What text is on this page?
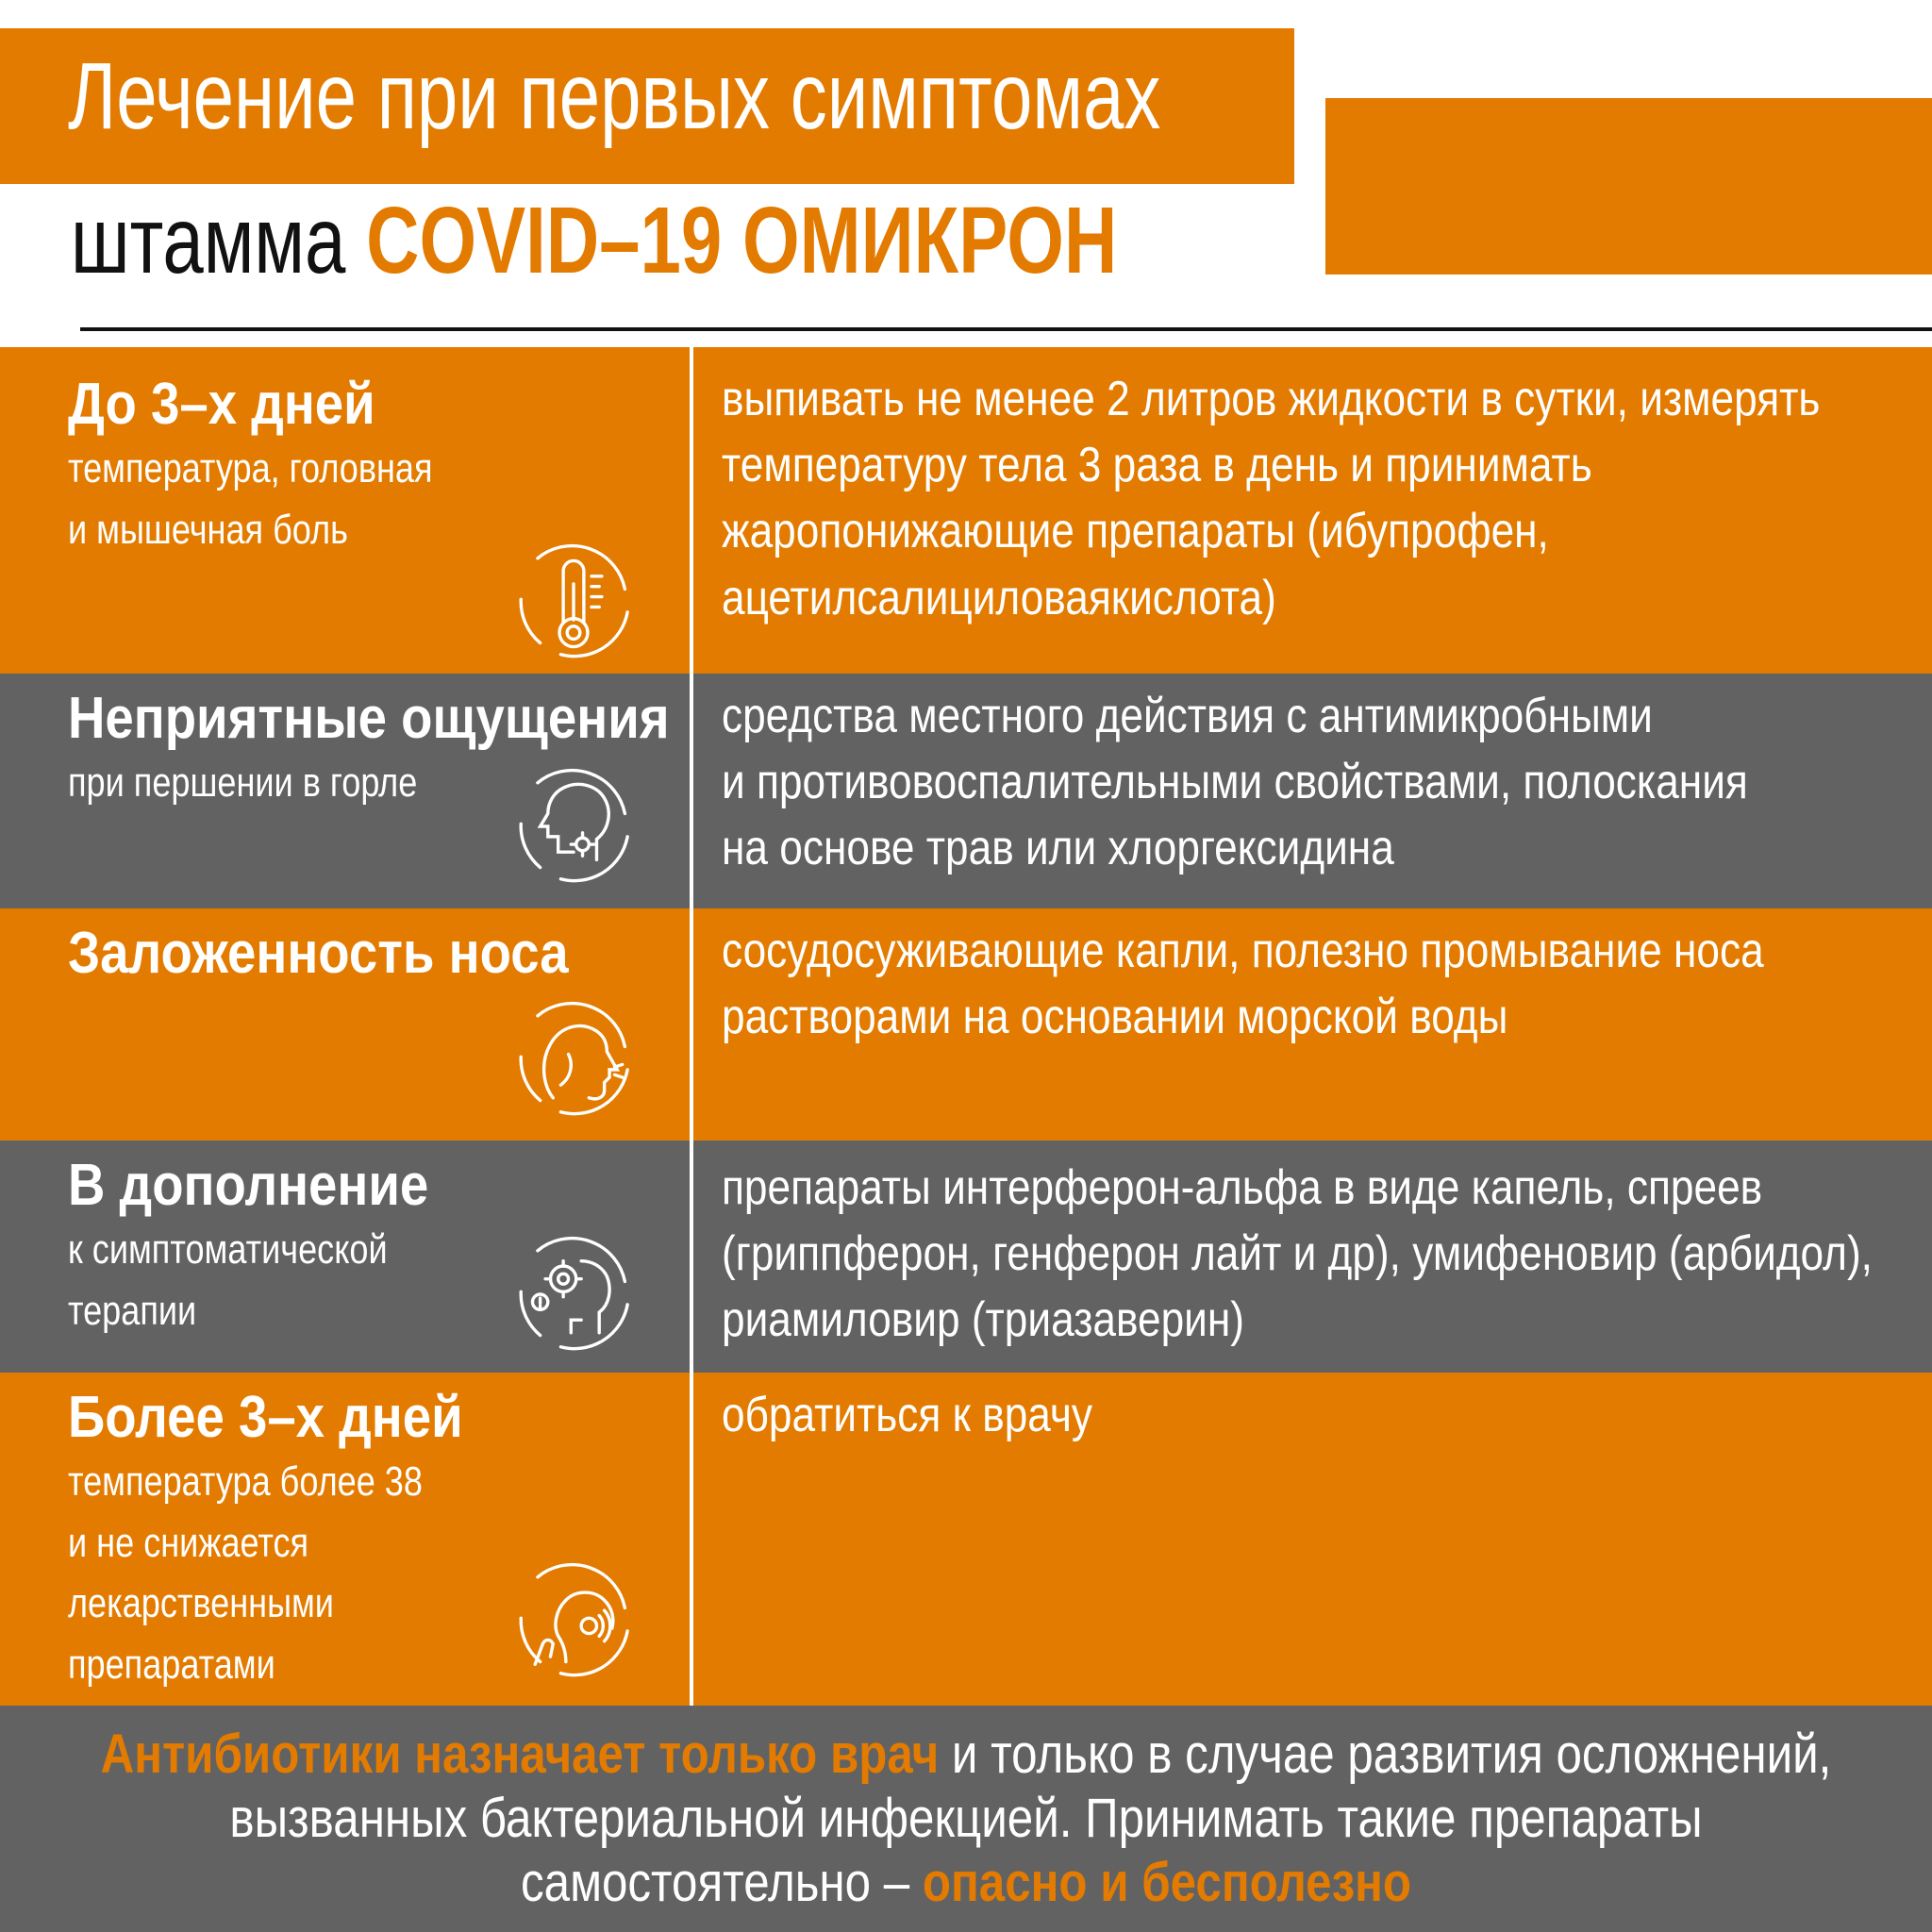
Лечение при первых симптомах
штамма COVID–19 ОМИКРОН
До 3–х дней
температура, головная
и мышечная боль
выпивать не менее 2 литров жидкости в сутки, измерять
температуру тела 3 раза в день и принимать
жаропонижающие препараты (ибупрофен,
ацетилсалициловаякислота)
Неприятные ощущения
при першении в горле
средства местного действия с антимикробными
и противовоспалительными свойствами, полоскания
на основе трав или хлоргексидина
Заложенность носа	сосудосуживающие капли, полезно промывание носа
растворами на основании морской воды
В дополнение
к симптоматической
терапии
препараты интерферон-альфа в виде капель, спреев
(гриппферон, генферон лайт и др), умифеновир (арбидол),
риамиловир (триазаверин)
Более 3–х дней
температура более 38
и не снижается лекарственными
препаратами
обратиться к врачу
Антибиотики назначает только врач и только в случае развития осложнений,
вызванных бактериальной инфекцией. Принимать такие препараты
самостоятельно – опасно и бесполезно
